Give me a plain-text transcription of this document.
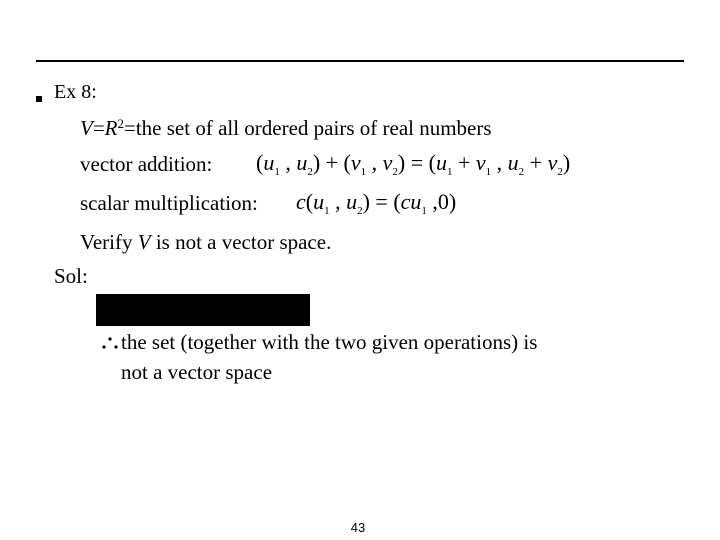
Ex 8:
$V=R^2=the$ set of all ordered pairs of real numbers
vector addition: ($u_1$ , $u_2) + (v_1$ , $v_2) = (u_1 + v_1$ , $u_2 + v_2$)
scalar multiplication: $c(u_1$ , $u_2) = (cu_1$ ,0)
Verify V is not a vector space.
Sol:
the set (together with the two given operations) is
not a vector space
43
